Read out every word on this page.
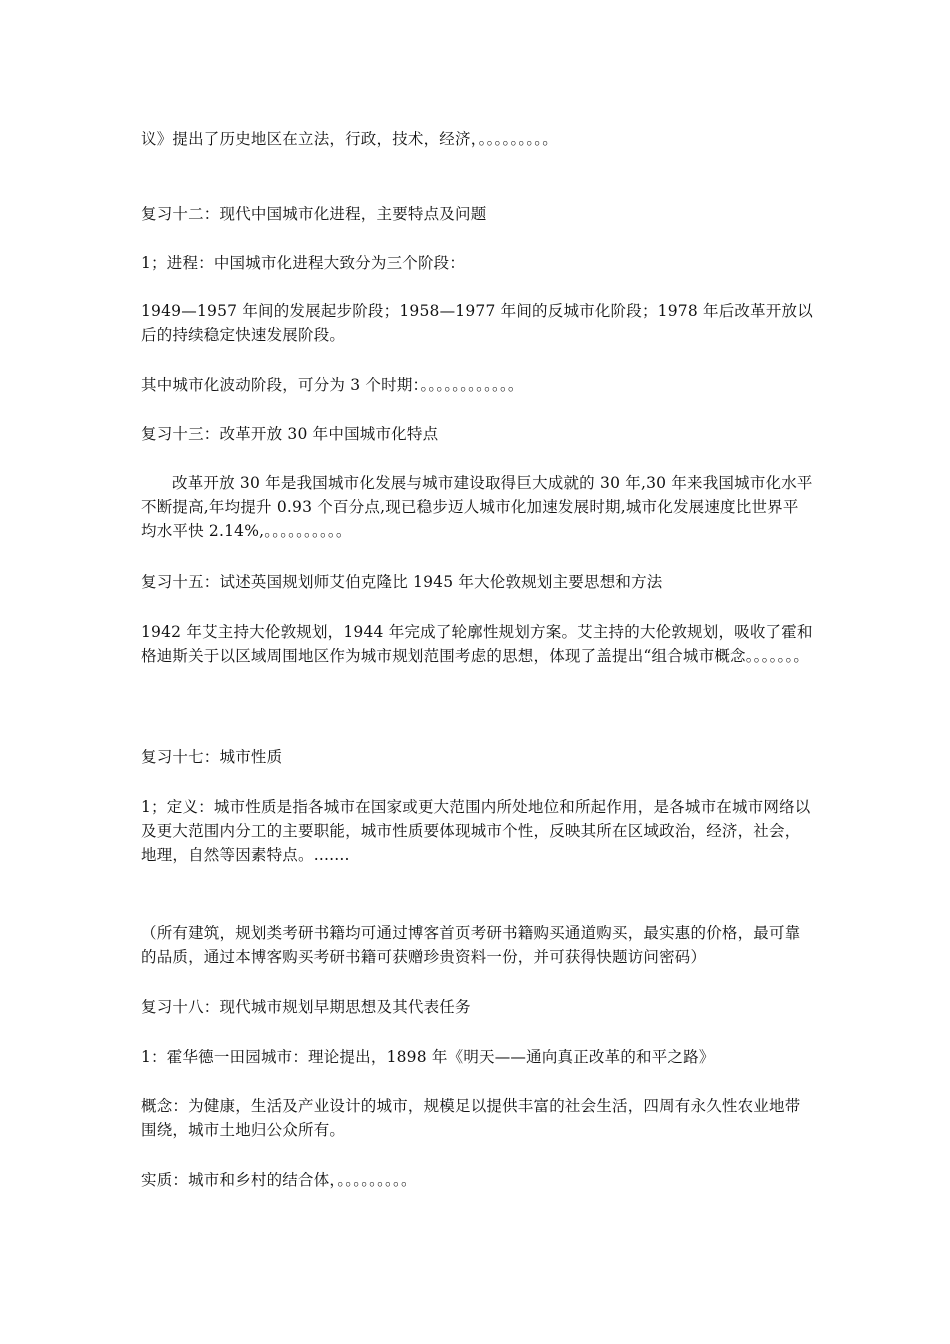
议》提出了历史地区在立法，行政，技术，经济，。。。。。。。。。
复习十二：现代中国城市化进程，主要特点及问题
1；进程：中国城市化进程大致分为三个阶段：
1949—1957 年间的发展起步阶段；1958—1977 年间的反城市化阶段；1978 年后改革开放以后的持续稳定快速发展阶段。
其中城市化波动阶段，可分为 3 个时期：。。。。。。。。。。。。
复习十三：改革开放 30 年中国城市化特点
改革开放 30 年是我国城市化发展与城市建设取得巨大成就的 30 年,30 年来我国城市化水平不断提高,年均提升 0.93 个百分点,现已稳步迈人城市化加速发展时期,城市化发展速度比世界平均水平快 2.14%,。。。。。。。。。。
复习十五：试述英国规划师艾伯克隆比 1945 年大伦敦规划主要思想和方法
1942 年艾主持大伦敦规划，1944 年完成了轮廓性规划方案。艾主持的大伦敦规划，吸收了霍和格迪斯关于以区域周围地区作为城市规划范围考虑的思想，体现了盖提出“组合城市概念。。。。。。。
复习十七：城市性质
1；定义：城市性质是指各城市在国家或更大范围内所处地位和所起作用，是各城市在城市网络以及更大范围内分工的主要职能，城市性质要体现城市个性，反映其所在区域政治，经济，社会，地理，自然等因素特点。.......
（所有建筑，规划类考研书籍均可通过博客首页考研书籍购买通道购买，最实惠的价格，最可靠的品质，通过本博客购买考研书籍可获赠珍贵资料一份，并可获得快题访问密码）
复习十八：现代城市规划早期思想及其代表任务
1：霍华德一田园城市：理论提出，1898 年《明天——通向真正改革的和平之路》
概念：为健康，生活及产业设计的城市，规模足以提供丰富的社会生活，四周有永久性农业地带围绕，城市土地归公众所有。
实质：城市和乡村的结合体，。。。。。。。。。
